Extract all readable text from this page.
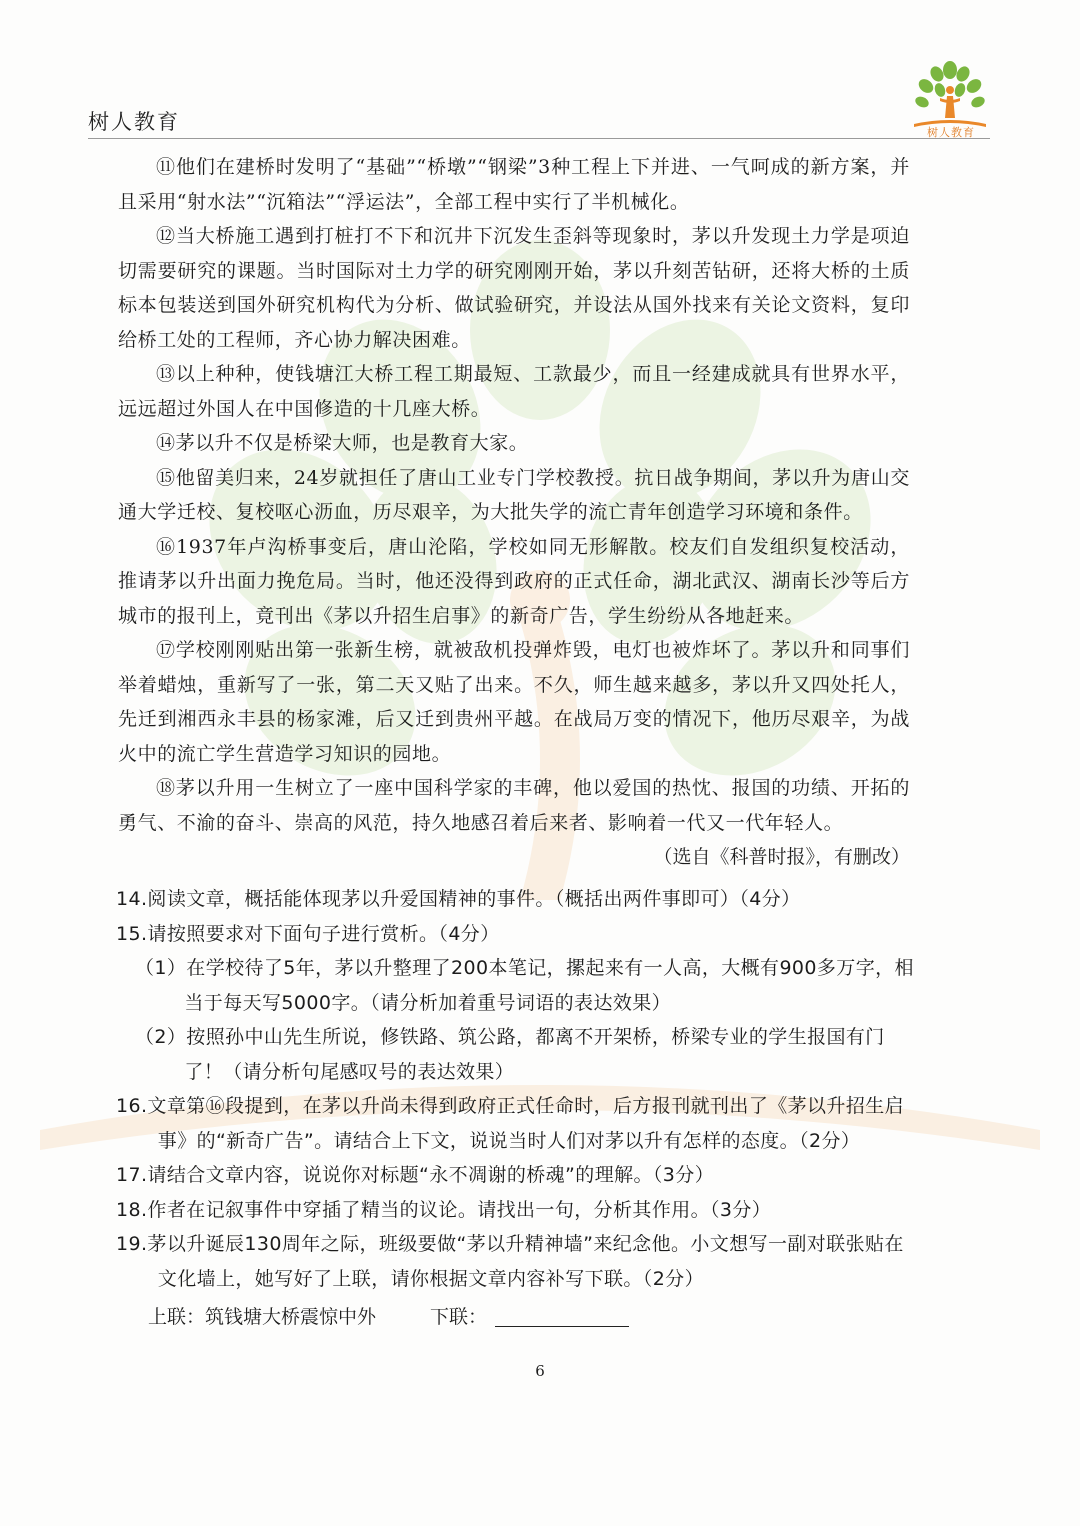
树人教育	树人教育

⑪他们在建桥时发明了“基础”“桥墩”“钢梁”3种工程上下并进、一气呵成的新方案，并且采用“射水法”“沉箱法”“浮运法”，全部工程中实行了半机械化。

⑫当大桥施工遇到打桩打不下和沉井下沉发生歪斜等现象时，茅以升发现土力学是项迫切需要研究的课题。当时国际对土力学的研究刚刚开始，茅以升刻苦钻研，还将大桥的土质标本包装送到国外研究机构代为分析、做试验研究，并设法从国外找来有关论文资料，复印给桥工处的工程师，齐心协力解决困难。

⑬以上种种，使钱塘江大桥工程工期最短、工款最少，而且一经建成就具有世界水平，远远超过外国人在中国修造的十几座大桥。

⑭茅以升不仅是桥梁大师，也是教育大家。

⑮他留美归来，24岁就担任了唐山工业专门学校教授。抗日战争期间，茅以升为唐山交通大学迁校、复校呕心沥血，历尽艰辛，为大批失学的流亡青年创造学习环境和条件。

⑯1937年卢沟桥事变后，唐山沦陷，学校如同无形解散。校友们自发组织复校活动，推请茅以升出面力挽危局。当时，他还没得到政府的正式任命，湖北武汉、湖南长沙等后方城市的报刊上，竟刊出《茅以升招生启事》的新奇广告，学生纷纷从各地赶来。

⑰学校刚刚贴出第一张新生榜，就被敌机投弹炸毁，电灯也被炸坏了。茅以升和同事们举着蜡烛，重新写了一张，第二天又贴了出来。不久，师生越来越多，茅以升又四处托人，先迁到湘西永丰县的杨家滩，后又迁到贵州平越。在战局万变的情况下，他历尽艰辛，为战火中的流亡学生营造学习知识的园地。

⑱茅以升用一生树立了一座中国科学家的丰碑，他以爱国的热忱、报国的功绩、开拓的勇气、不渝的奋斗、崇高的风范，持久地感召着后来者、影响着一代又一代年轻人。

（选自《科普时报》，有删改）

14.阅读文章，概括能体现茅以升爱国精神的事件。（概括出两件事即可）（4分）

15.请按照要求对下面句子进行赏析。（4分）

（1）在学校待了5年，茅以升整理了200本笔记，摞起来有一人高，大概有900多万字，相当于每天写5000字。（请分析加着重号词语的表达效果）

（2）按照孙中山先生所说，修铁路、筑公路，都离不开架桥，桥梁专业的学生报国有门了！（请分析句尾感叹号的表达效果）

16.文章第⑯段提到，在茅以升尚未得到政府正式任命时，后方报刊就刊出了《茅以升招生启事》的“新奇广告”。请结合上下文，说说当时人们对茅以升有怎样的态度。（2分）

17.请结合文章内容，说说你对标题“永不凋谢的桥魂”的理解。（3分）

18.作者在记叙事件中穿插了精当的议论。请找出一句，分析其作用。（3分）

19.茅以升诞辰130周年之际，班级要做“茅以升精神墙”来纪念他。小文想写一副对联张贴在文化墙上，她写好了上联，请你根据文章内容补写下联。（2分）

上联：筑钱塘大桥震惊中外	下联：

6
